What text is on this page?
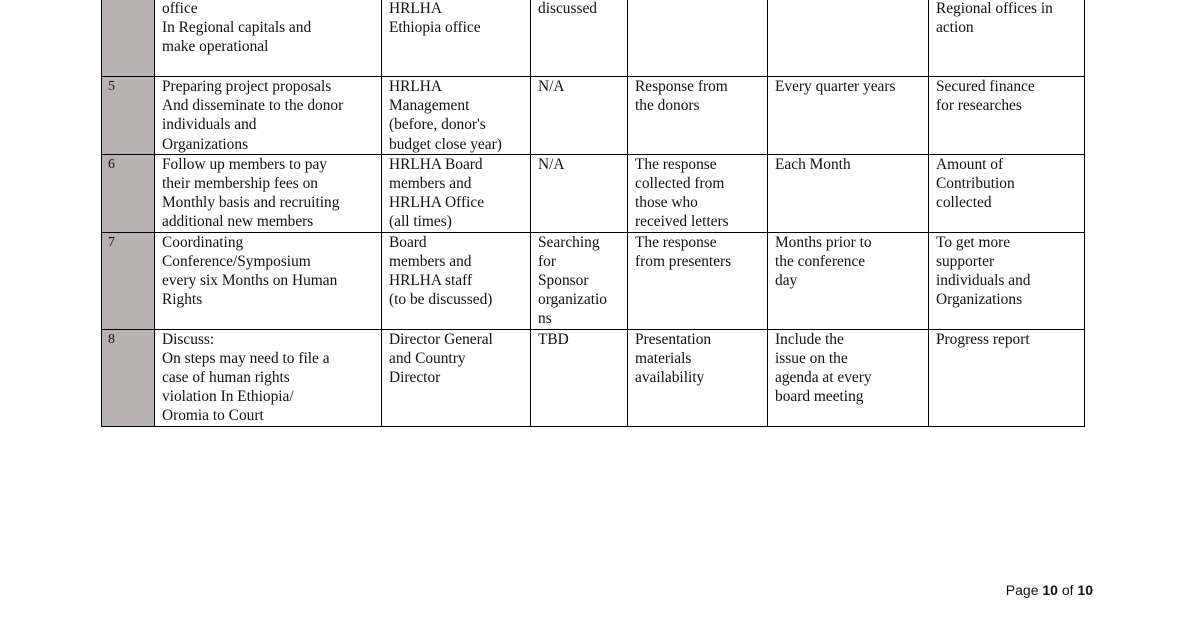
	office
In Regional capitals and
make operational	HRLHA
Ethiopia office	discussed			Regional offices in
action
5	Preparing project proposals
And disseminate to the donor
individuals and
Organizations	HRLHA
Management
(before, donor's
budget close year)	N/A	Response from
the donors	Every quarter years	Secured finance
for researches
6	Follow up members to pay
their membership fees on
Monthly basis and recruiting
additional new members	HRLHA Board
members and
HRLHA Office
(all times)	N/A	The response
collected from
those who
received letters	Each Month	Amount of
Contribution
collected
7	Coordinating
Conference/Symposium
every six Months on Human
Rights	Board
members and
HRLHA staff
(to be discussed)	Searching
for
Sponsor
organizatio
ns	The response
from presenters	Months prior to
the conference
day	To get more
supporter
individuals and
Organizations
8	Discuss:
On steps may need to file a
case of human rights
violation In Ethiopia/
Oromia to Court	Director General
and Country
Director	TBD	Presentation
materials
availability	Include the
issue on the
agenda at every
board meeting	Progress report
Page 10 of 10
